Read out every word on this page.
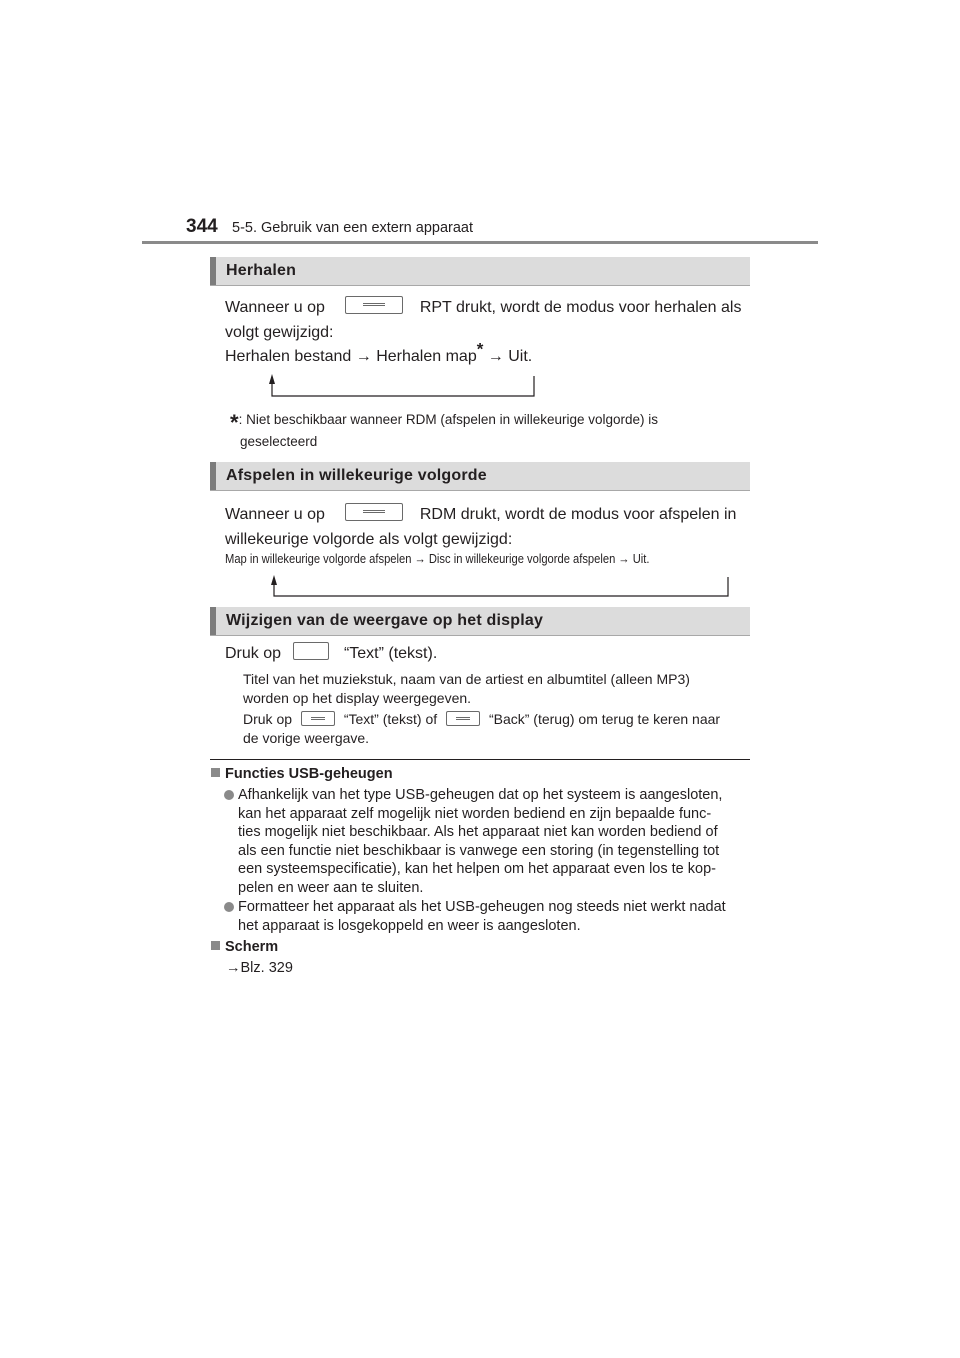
344 5-5. Gebruik van een extern apparaat
Herhalen
Wanneer u op	RPT drukt, wordt de modus voor herhalen als
volgt gewijzigd:
Herhalen bestand → Herhalen map* → Uit.
*: Niet beschikbaar wanneer RDM (afspelen in willekeurige volgorde) is
geselecteerd
Afspelen in willekeurige volgorde
Wanneer u op	RDM drukt, wordt de modus voor afspelen in
willekeurige volgorde als volgt gewijzigd:
Map in willekeurige volgorde afspelen → Disc in willekeurige volgorde afspelen → Uit.
Wijzigen van de weergave op het display
Druk op	“Text” (tekst).
Titel van het muziekstuk, naam van de artiest en albumtitel (alleen MP3)
worden op het display weergegeven.
Druk op	“Text” (tekst) of	“Back” (terug) om terug te keren naar
de vorige weergave.
Functies USB-geheugen
Afhankelijk van het type USB-geheugen dat op het systeem is aangesloten,
kan het apparaat zelf mogelijk niet worden bediend en zijn bepaalde func-
ties mogelijk niet beschikbaar. Als het apparaat niet kan worden bediend of
als een functie niet beschikbaar is vanwege een storing (in tegenstelling tot
een systeemspecificatie), kan het helpen om het apparaat even los te kop-
pelen en weer aan te sluiten.
Formatteer het apparaat als het USB-geheugen nog steeds niet werkt nadat
het apparaat is losgekoppeld en weer is aangesloten.
Scherm
→Blz. 329
